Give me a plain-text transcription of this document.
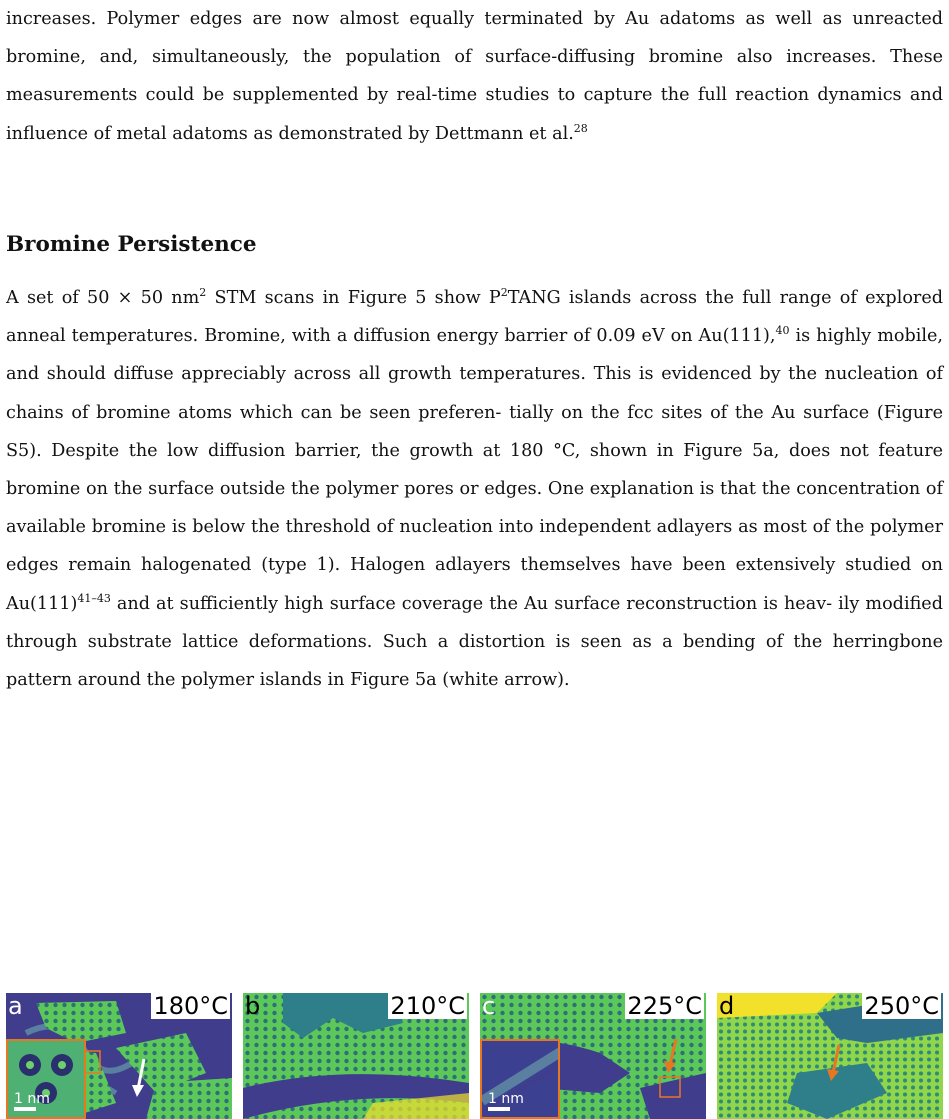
increases. Polymer edges are now almost equally terminated by Au adatoms as well as unreacted bromine, and, simultaneously, the population of surface-diffusing bromine also increases. These measurements could be supplemented by real-time studies to capture the full reaction dynamics and influence of metal adatoms as demonstrated by Dettmann et al.$^{28}$

Bromine Persistence

A set of 50 × 50 $nm^2$ STM scans in Figure 5 show $P^2TANG$ islands across the full range of explored anneal temperatures. Bromine, with a diffusion energy barrier of 0.09 eV on Au(111),$^{40}$ is highly mobile, and should diffuse appreciably across all growth temperatures. This is evidenced by the nucleation of chains of bromine atoms which can be seen preferen- tially on the fcc sites of the Au surface (Figure S5). Despite the low diffusion barrier, the growth at 180 °C, shown in Figure 5a, does not feature bromine on the surface outside the polymer pores or edges. One explanation is that the concentration of available bromine is below the threshold of nucleation into independent adlayers as most of the polymer edges remain halogenated (type 1). Halogen adlayers themselves have been extensively studied on $Au(111)^{41-43}$ and at sufficiently high surface coverage the Au surface reconstruction is heav- ily modified through substrate lattice deformations. Such a distortion is seen as a bending of the herringbone pattern around the polymer islands in Figure 5a (white arrow).

a	180°C
1 nm
b	210°C c	225°C
1 nm
d	250°C
